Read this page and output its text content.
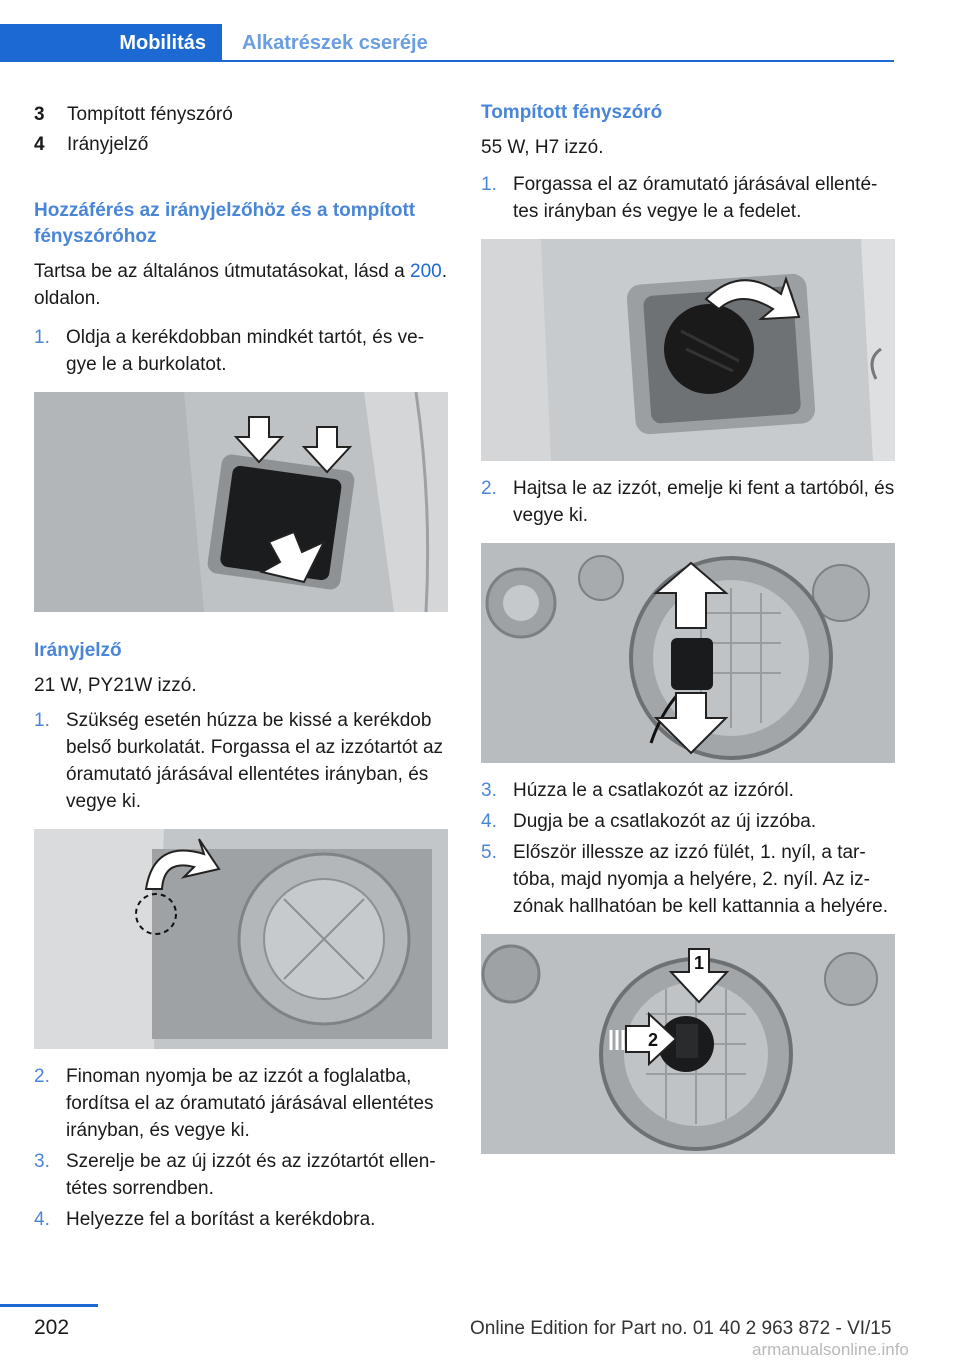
Mobilitás	Alkatrészek cseréje
3	Tompított fényszóró
4	Irányjelző
Hozzáférés az irányjelzőhöz és a tompított fényszóróhoz
Tartsa be az általános útmutatásokat, lásd a 200. oldalon.
1. Oldja a kerékdobban mindkét tartót, és vegye le a burkolatot.
Irányjelző
21 W, PY21W izzó.
1. Szükség esetén húzza be kissé a kerékdob belső burkolatát. Forgassa el az izzótartót az óramutató járásával ellentétes irányban, és vegye ki.
2. Finoman nyomja be az izzót a foglalatba, fordítsa el az óramutató járásával ellentétes irányban, és vegye ki.
3. Szerelje be az új izzót és az izzótartót ellentétes sorrendben.
4. Helyezze fel a borítást a kerékdobra.
Tompított fényszóró
55 W, H7 izzó.
1. Forgassa el az óramutató járásával ellentétes irányban és vegye le a fedelet.
2. Hajtsa le az izzót, emelje ki fent a tartóból, és vegye ki.
3. Húzza le a csatlakozót az izzóról.
4. Dugja be a csatlakozót az új izzóba.
5. Először illessze az izzó fülét, 1. nyíl, a tartóba, majd nyomja a helyére, 2. nyíl. Az izzónak hallhatóan be kell kattannia a helyére.
1
2
202	Online Edition for Part no. 01 40 2 963 872 - VI/15
armanualsonline.info
